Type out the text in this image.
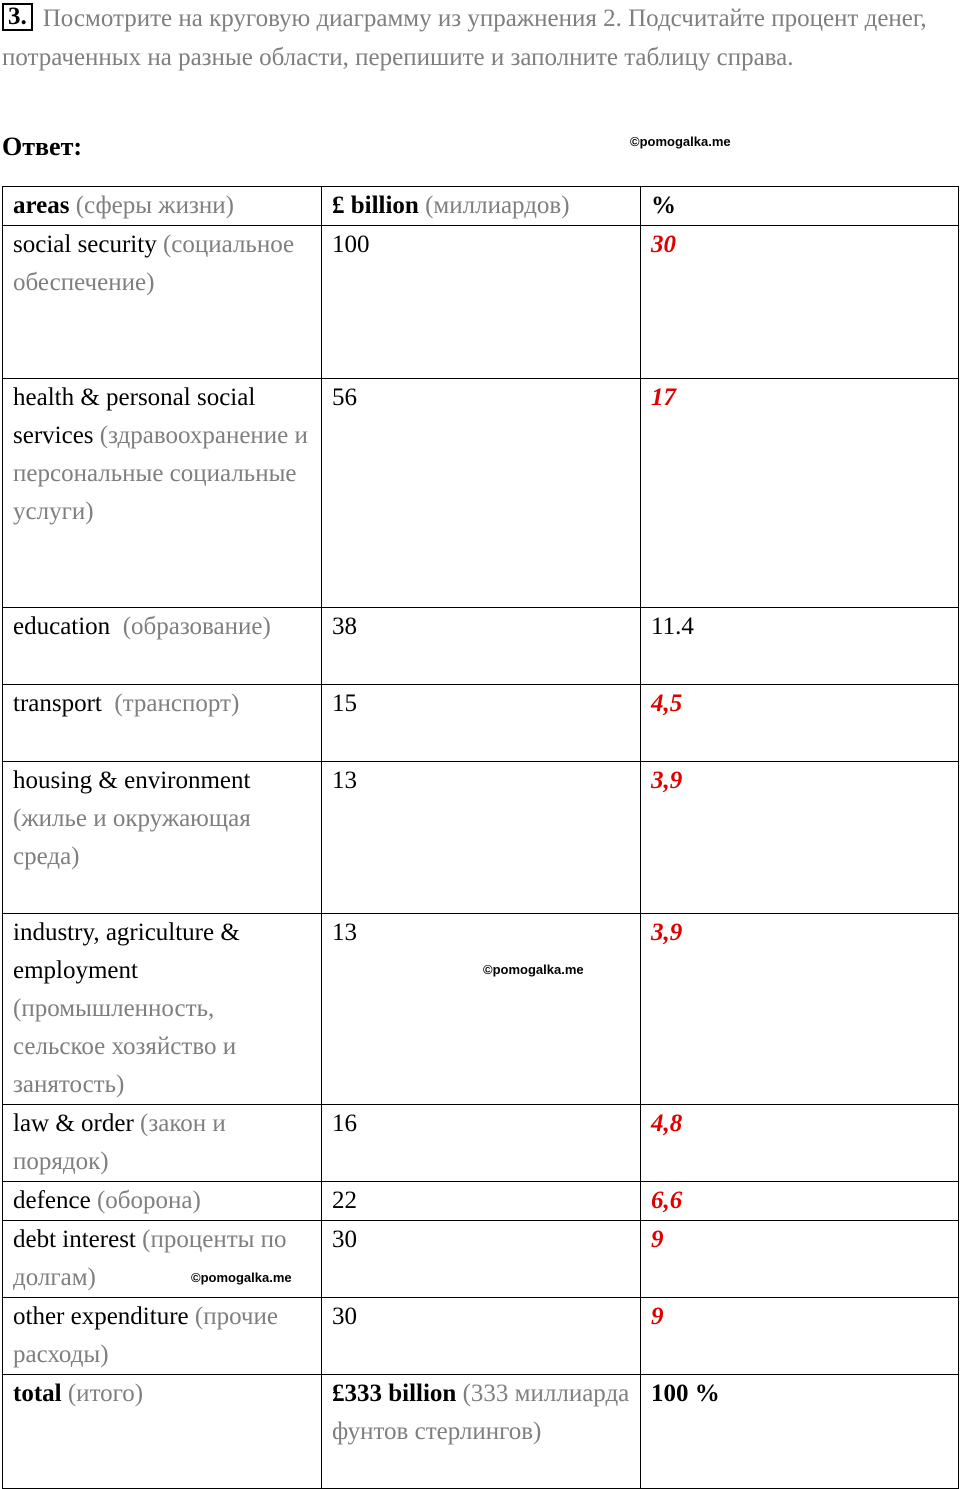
3. Посмотрите на круговую диаграмму из упражнения 2. Подсчитайте процент денег, потраченных на разные области, перепишите и заполните таблицу справа.
Ответ:	©pomogalka.me
©pomogalka.me
©pomogalka.me
areas (сферы жизни)	£ billion (миллиардов)	%
social security (социальное обеспечение)	100	30
health & personal social services (здравоохранение и персональные социальные услуги)	56	17
education (образование)	38	11.4
transport (транспорт)	15	4,5
housing & environment (жилье и окружающая среда)	13	3,9
industry, agriculture & employment (промышленность, сельское хозяйство и занятость)	13	3,9
law & order (закон и порядок)	16	4,8
defence (оборона)	22	6,6
debt interest (проценты по долгам)	30	9
other expenditure (прочие расходы)	30	9
total (итого)	£333 billion (333 миллиарда фунтов стерлингов)	100 %
